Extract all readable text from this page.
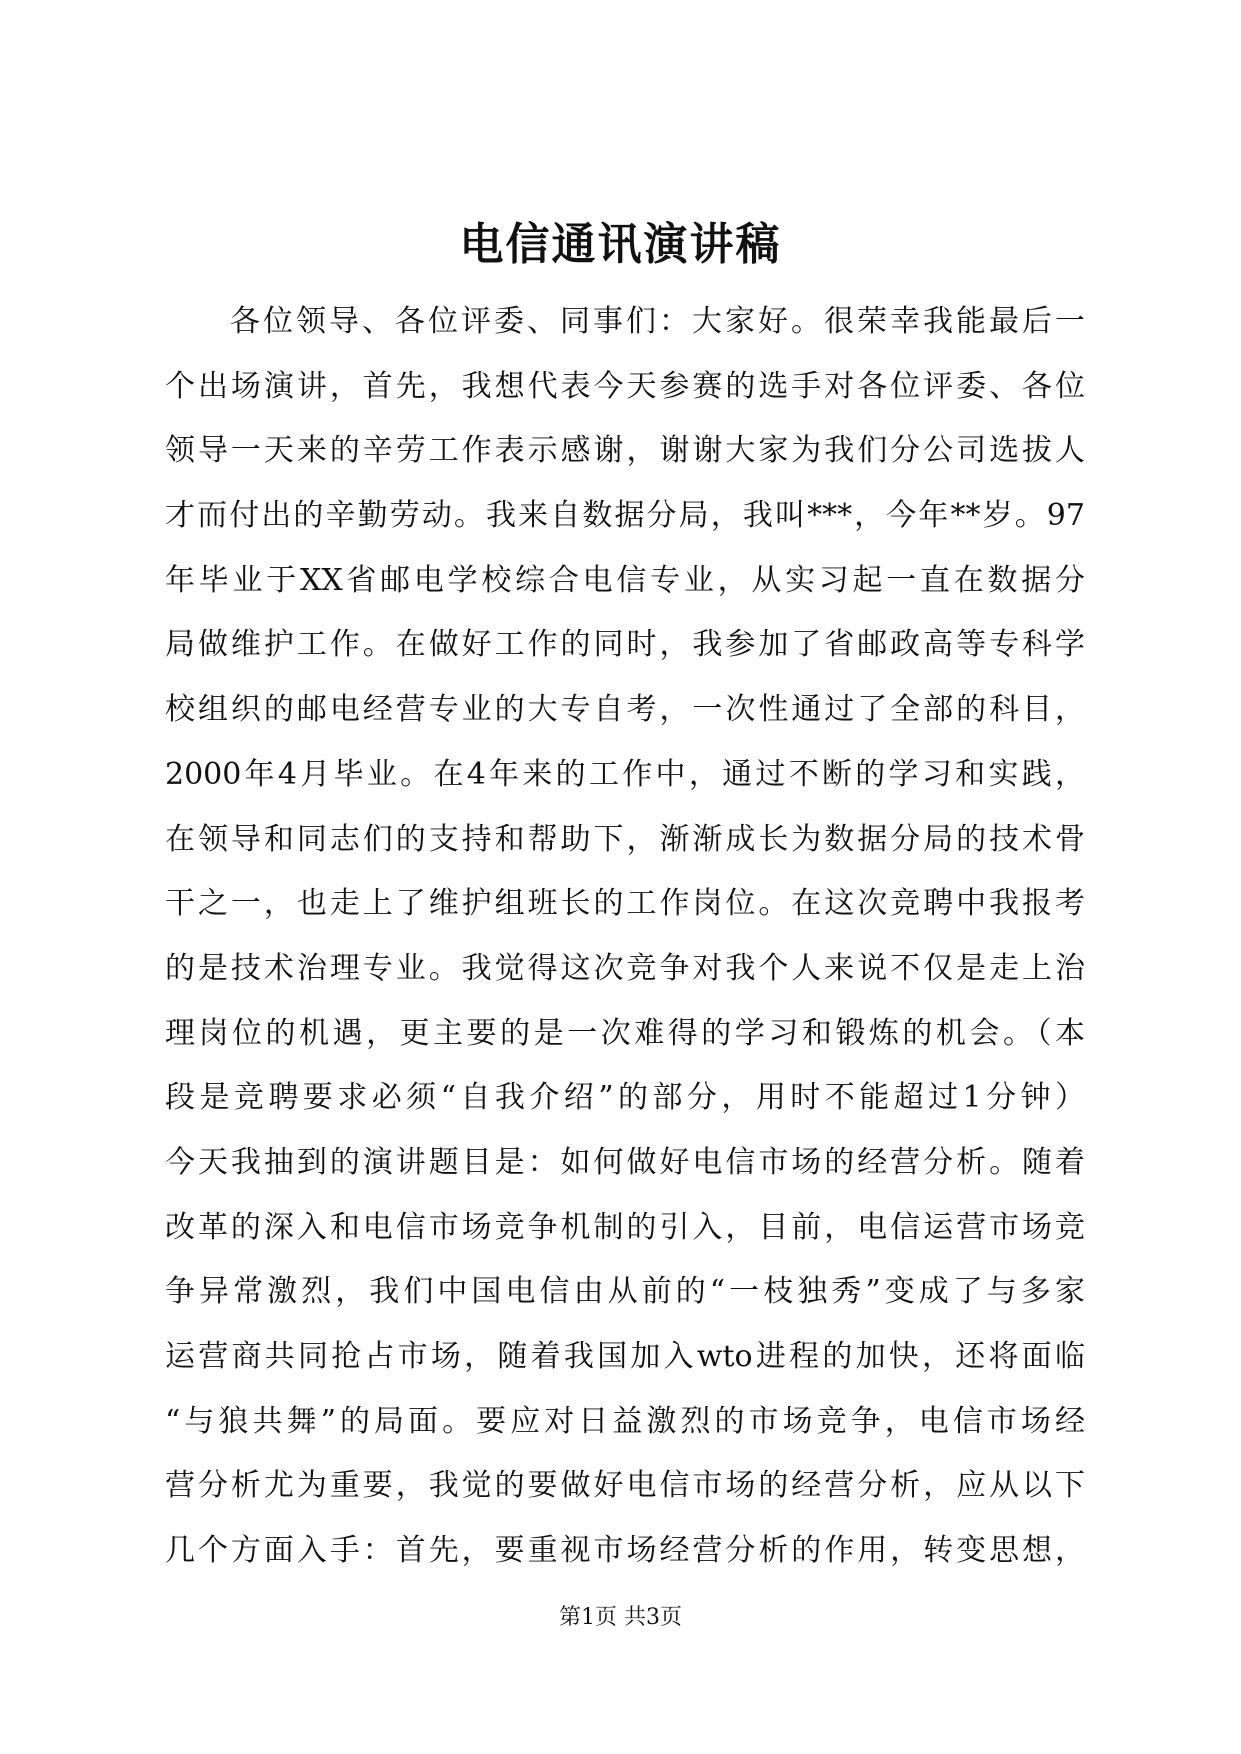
电信通讯演讲稿
各位领导、各位评委、同事们：大家好。很荣幸我能最后一
个出场演讲，首先，我想代表今天参赛的选手对各位评委、各位
领导一天来的辛劳工作表示感谢，谢谢大家为我们分公司选拔人
才而付出的辛勤劳动。我来自数据分局，我叫***，今年**岁。97
年毕业于XX省邮电学校综合电信专业，从实习起一直在数据分
局做维护工作。在做好工作的同时，我参加了省邮政高等专科学
校组织的邮电经营专业的大专自考，一次性通过了全部的科目，
2000年4月毕业。在4年来的工作中，通过不断的学习和实践，
在领导和同志们的支持和帮助下，渐渐成长为数据分局的技术骨
干之一，也走上了维护组班长的工作岗位。在这次竞聘中我报考
的是技术治理专业。我觉得这次竞争对我个人来说不仅是走上治
理岗位的机遇，更主要的是一次难得的学习和锻炼的机会。（本
段是竞聘要求必须“自我介绍”的部分，用时不能超过1分钟）
今天我抽到的演讲题目是：如何做好电信市场的经营分析。随着
改革的深入和电信市场竞争机制的引入，目前，电信运营市场竞
争异常激烈，我们中国电信由从前的“一枝独秀”变成了与多家
运营商共同抢占市场，随着我国加入wto进程的加快，还将面临
“与狼共舞”的局面。要应对日益激烈的市场竞争，电信市场经
营分析尤为重要，我觉的要做好电信市场的经营分析，应从以下
几个方面入手：首先，要重视市场经营分析的作用，转变思想，
第1页 共3页
